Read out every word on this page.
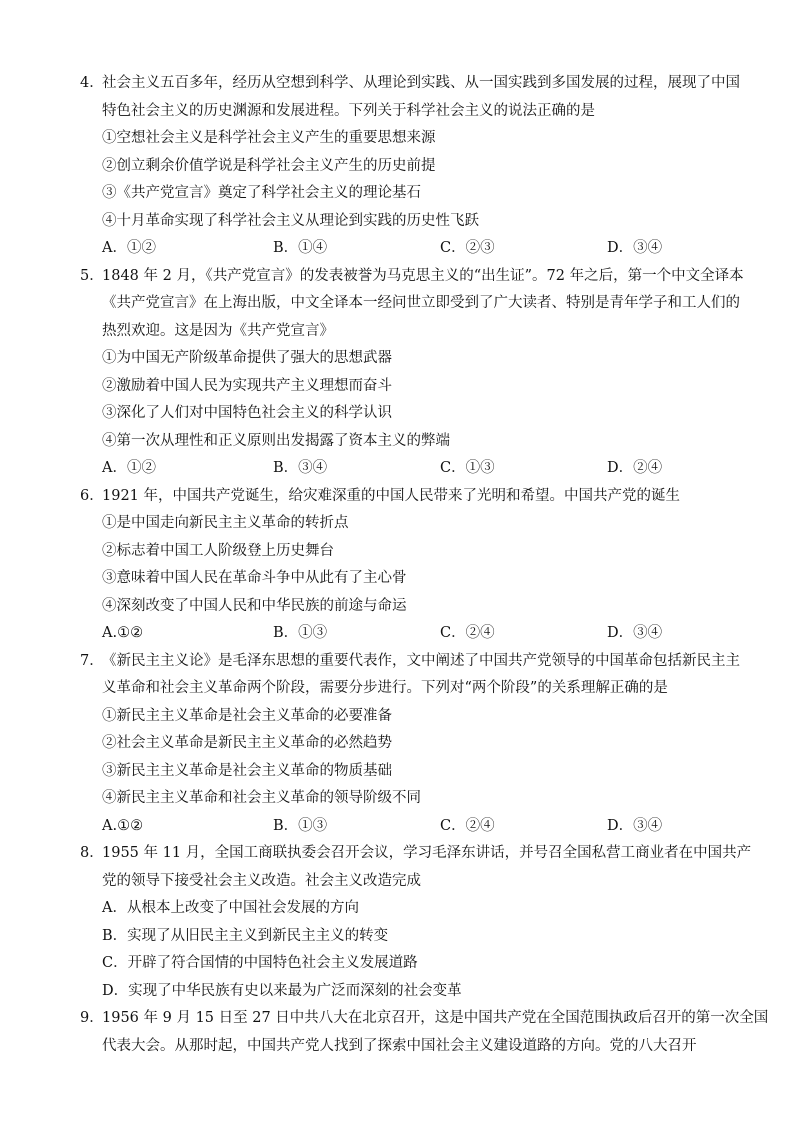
4．
社会主义五百多年，经历从空想到科学、从理论到实践、从一国实践到多国发展的过程，展现了中国
特色社会主义的历史渊源和发展进程。下列关于科学社会主义的说法正确的是
①空想社会主义是科学社会主义产生的重要思想来源
②创立剩余价值学说是科学社会主义产生的历史前提
③《共产党宣言》奠定了科学社会主义的理论基石
④十月革命实现了科学社会主义从理论到实践的历史性飞跃
A．①②	B．①④	C．②③	D．③④
5．
1848 年 2 月，《共产党宣言》的发表被誉为马克思主义的“出生证”。72 年之后，第一个中文全译本
《共产党宣言》在上海出版，中文全译本一经问世立即受到了广大读者、特别是青年学子和工人们的
热烈欢迎。这是因为《共产党宣言》
①为中国无产阶级革命提供了强大的思想武器
②激励着中国人民为实现共产主义理想而奋斗
③深化了人们对中国特色社会主义的科学认识
④第一次从理性和正义原则出发揭露了资本主义的弊端
A．①②	B．③④	C．①③	D．②④
6．
1921 年，中国共产党诞生，给灾难深重的中国人民带来了光明和希望。中国共产党的诞生
①是中国走向新民主主义革命的转折点
②标志着中国工人阶级登上历史舞台
③意味着中国人民在革命斗争中从此有了主心骨
④深刻改变了中国人民和中华民族的前途与命运
A.①②	B．①③	C．②④	D．③④
7．
《新民主主义论》是毛泽东思想的重要代表作，文中阐述了中国共产党领导的中国革命包括新民主主
义革命和社会主义革命两个阶段，需要分步进行。下列对“两个阶段”的关系理解正确的是
①新民主主义革命是社会主义革命的必要准备
②社会主义革命是新民主主义革命的必然趋势
③新民主主义革命是社会主义革命的物质基础
④新民主主义革命和社会主义革命的领导阶级不同
A.①②	B．①③	C．②④	D．③④
8．
1955 年 11 月，全国工商联执委会召开会议，学习毛泽东讲话，并号召全国私营工商业者在中国共产
党的领导下接受社会主义改造。社会主义改造完成
A．从根本上改变了中国社会发展的方向
B．实现了从旧民主主义到新民主主义的转变
C．开辟了符合国情的中国特色社会主义发展道路
D．实现了中华民族有史以来最为广泛而深刻的社会变革
9．
1956 年 9 月 15 日至 27 日中共八大在北京召开，这是中国共产党在全国范围执政后召开的第一次全国
代表大会。从那时起，中国共产党人找到了探索中国社会主义建设道路的方向。党的八大召开
